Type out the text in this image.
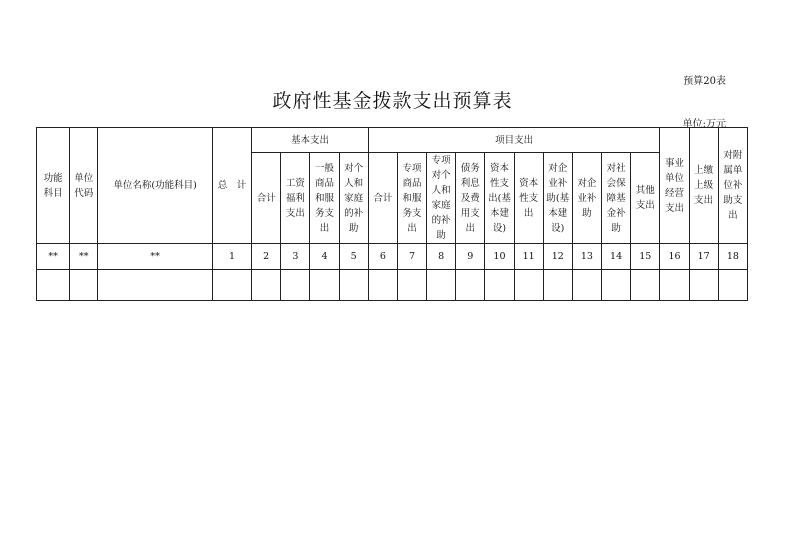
预算20表
政府性基金拨款支出预算表
单位:万元
功能科目	单位代码	单位名称(功能科目)	总　计	基本支出				项目支出										事业单位经营支出	上缴上级支出	对附属单位补助支出

				合计	工资福利支出	一般商品和服务支出	对个人和家庭的补助	合计	专项商品和服务支出	专项对个人和家庭的补助	债务利息及费用支出	资本性支出(基本建设)	资本性支出	对企业补助(基本建设)	对企业补助	对社会保障基金补助	其他支出			

**	**	**	1	2	3	4	5	6	7	8	9	10	11	12	13	14	15	16	17	18
